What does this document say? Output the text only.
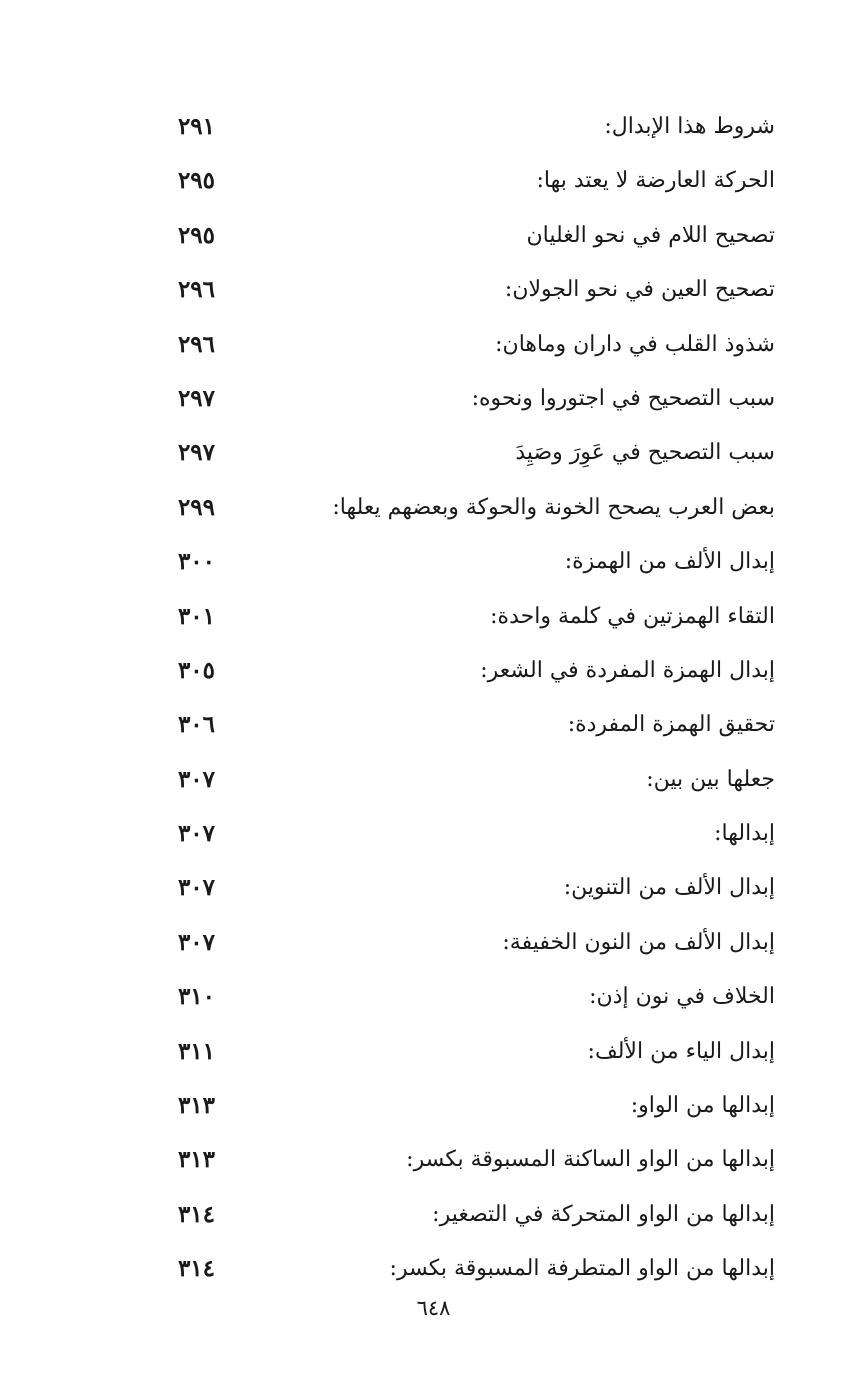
شروط هذا الإبدال:
٢٩١
الحركة العارضة لا يعتد بها:
٢٩٥
تصحيح اللام في نحو الغليان
٢٩٥
تصحيح العين في نحو الجولان:
٢٩٦
شذوذ القلب في داران وماهان:
٢٩٦
سبب التصحيح في اجتوروا ونحوه:
٢٩٧
سبب التصحيح في عَوِرَ وصَيِدَ
٢٩٧
بعض العرب يصحح الخونة والحوكة وبعضهم يعلها:
٢٩٩
إبدال الألف من الهمزة:
٣٠٠
التقاء الهمزتين في كلمة واحدة:
٣٠١
إبدال الهمزة المفردة في الشعر:
٣٠٥
تحقيق الهمزة المفردة:
٣٠٦
جعلها بين بين:
٣٠٧
إبدالها:
٣٠٧
إبدال الألف من التنوين:
٣٠٧
إبدال الألف من النون الخفيفة:
٣٠٧
الخلاف في نون إذن:
٣١٠
إبدال الياء من الألف:
٣١١
إبدالها من الواو:
٣١٣
إبدالها من الواو الساكنة المسبوقة بكسر:
٣١٣
إبدالها من الواو المتحركة في التصغير:
٣١٤
إبدالها من الواو المتطرفة المسبوقة بكسر:
٣١٤
٦٤٨
